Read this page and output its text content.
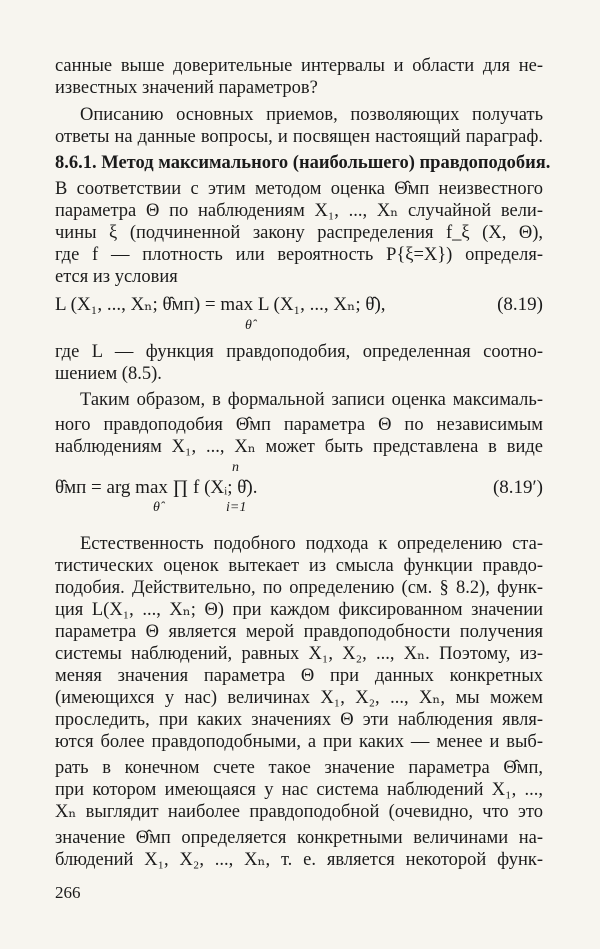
санные выше доверительные интервалы и области для не-
известных значений параметров?
Описанию основных приемов, позволяющих получать
ответы на данные вопросы, и посвящен настоящий параграф.
8.6.1. Метод максимального (наибольшего) правдоподобия.
В соответствии с этим методом оценка Θ̂мп неизвестного
параметра Θ по наблюдениям X₁, ..., Xₙ случайной вели-
чины ξ (подчиненной закону распределения f_ξ (X, Θ),
где f — плотность или вероятность P{ξ=X}) определя-
ется из условия
L (X₁, ..., Xₙ; θ̂мп) = max L (X₁, ..., Xₙ; θ̂),	(8.19)
θ̂
где L — функция правдоподобия, определенная соотно-
шением (8.5).
Таким образом, в формальной записи оценка максималь-
ного правдоподобия Θ̂мп параметра Θ по независимым
наблюдениям X₁, ..., Xₙ может быть представлена в виде
n
θ̂мп = arg max ∏ f (Xᵢ; θ̂).	(8.19′)
θ̂	i=1
Естественность подобного подхода к определению ста-
тистических оценок вытекает из смысла функции правдо-
подобия. Действительно, по определению (см. § 8.2), функ-
ция L(X₁, ..., Xₙ; Θ) при каждом фиксированном значении
параметра Θ является мерой правдоподобности получения
системы наблюдений, равных X₁, X₂, ..., Xₙ. Поэтому, из-
меняя значения параметра Θ при данных конкретных
(имеющихся у нас) величинах X₁, X₂, ..., Xₙ, мы можем
проследить, при каких значениях Θ эти наблюдения явля-
ются более правдоподобными, а при каких — менее и выб-
рать в конечном счете такое значение параметра Θ̂мп,
при котором имеющаяся у нас система наблюдений X₁, ...,
Xₙ выглядит наиболее правдоподобной (очевидно, что это
значение Θ̂мп определяется конкретными величинами на-
блюдений X₁, X₂, ..., Xₙ, т. е. является некоторой функ-
266
